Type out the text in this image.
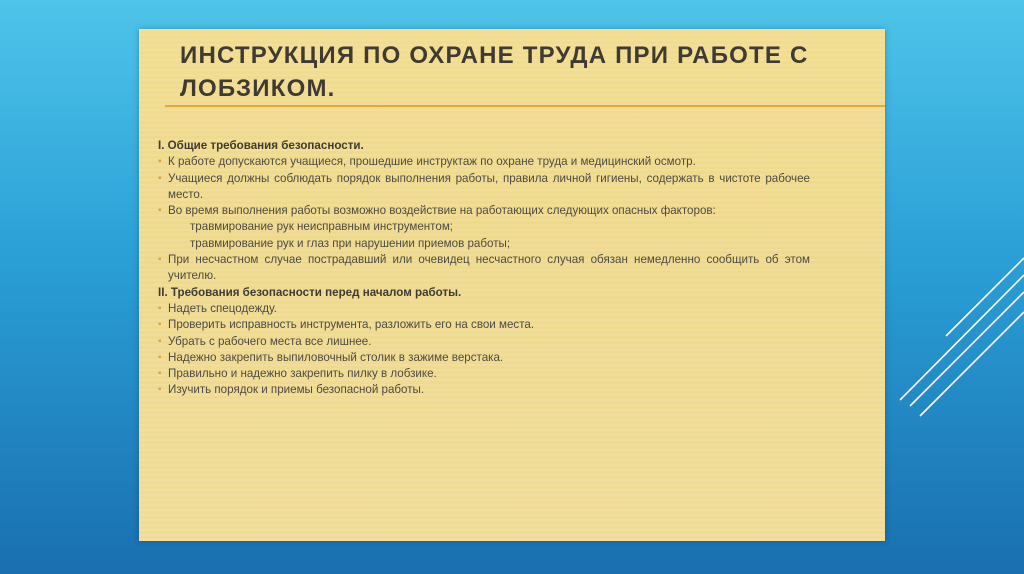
ИНСТРУКЦИЯ ПО ОХРАНЕ ТРУДА ПРИ РАБОТЕ С ЛОБЗИКОМ.

I. Общие требования безопасности.

▪ К работе допускаются учащиеся, прошедшие инструктаж по охране труда и медицинский осмотр.

▪ Учащиеся должны соблюдать порядок выполнения работы, правила личной гигиены, содержать в чистоте рабочее место.

▪ Во время выполнения работы возможно воздействие на работающих следующих опасных факторов:

травмирование рук неисправным инструментом;

травмирование рук и глаз при нарушении приемов работы;

▪ При несчастном случае пострадавший или очевидец несчастного случая обязан немедленно сообщить об этом учителю.

II. Требования безопасности перед началом работы.

▪ Надеть спецодежду.

▪ Проверить исправность инструмента, разложить его на свои места.

▪ Убрать с рабочего места все лишнее.

▪ Надежно закрепить выпиловочный столик в зажиме верстака.

▪ Правильно и надежно закрепить пилку в лобзике.

▪ Изучить порядок и приемы безопасной работы.
